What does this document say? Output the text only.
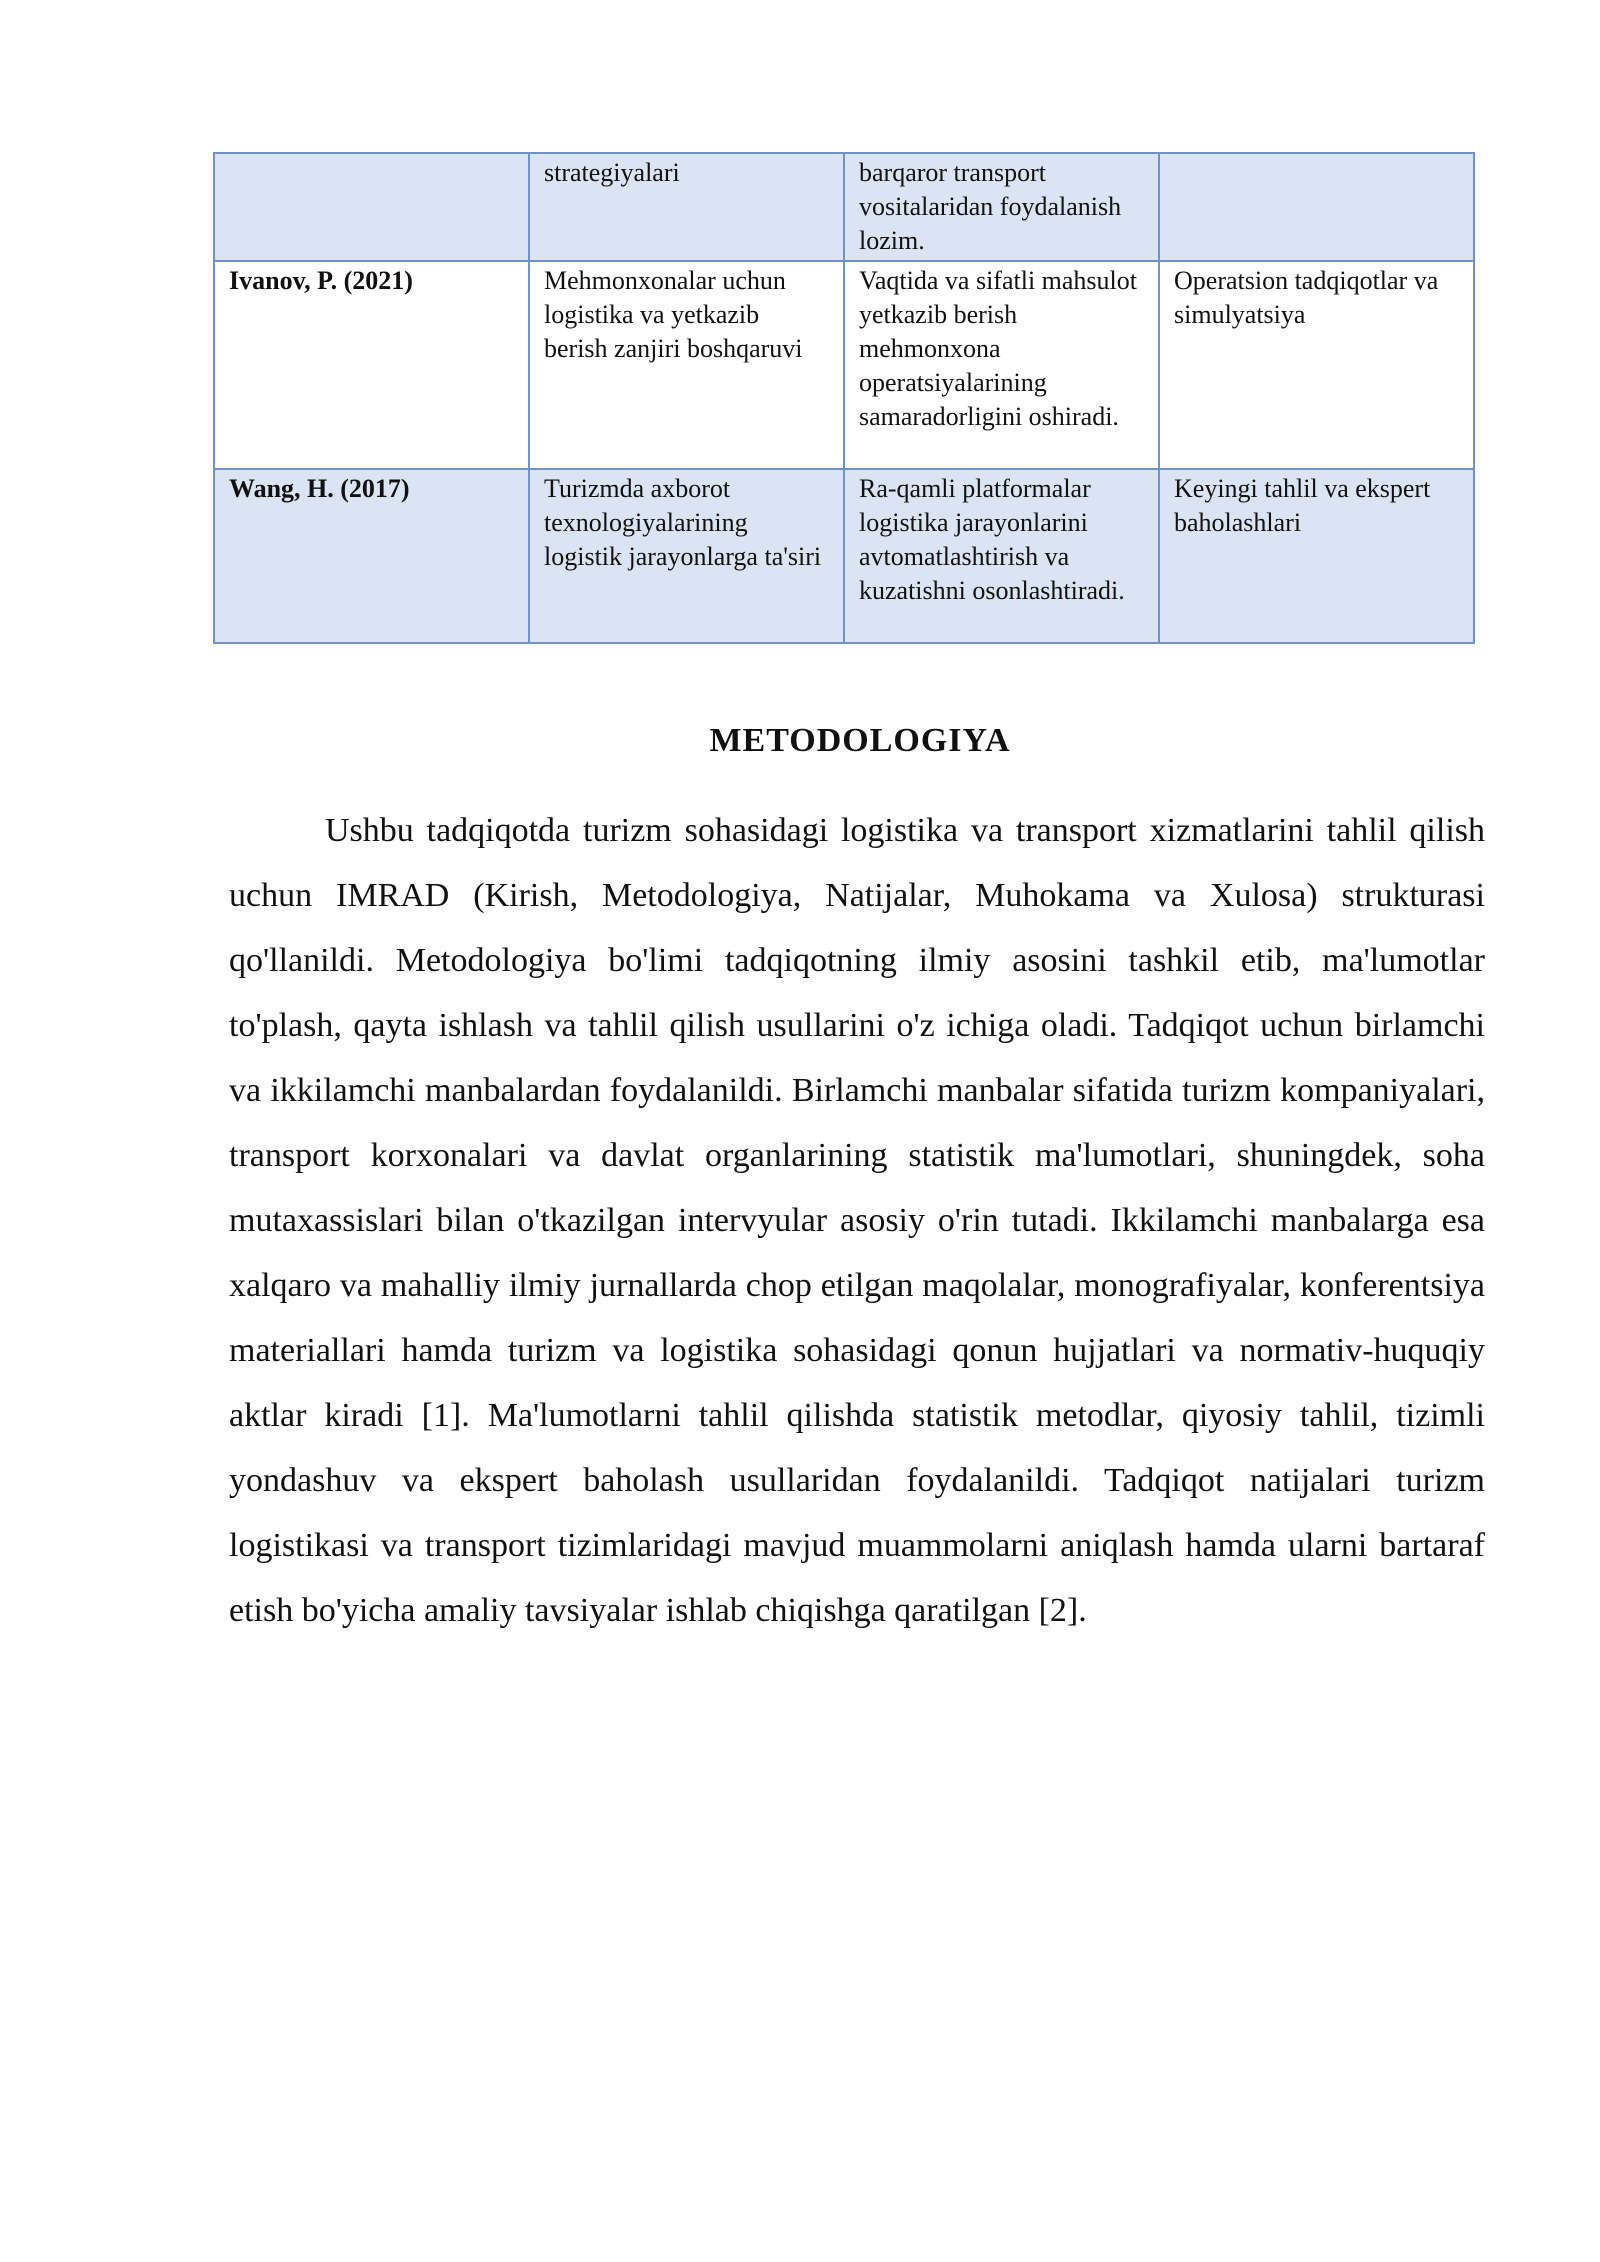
	strategiyalari	barqaror transport vositalaridan foydalanish lozim.	
Ivanov, P. (2021)	Mehmonxonalar uchun logistika va yetkazib berish zanjiri boshqaruvi	Vaqtida va sifatli mahsulot yetkazib berish mehmonxona operatsiyalarining samaradorligini oshiradi.	Operatsion tadqiqotlar va simulyatsiya
Wang, H. (2017)	Turizmda axborot texnologiyalarining logistik jarayonlarga ta'siri	Ra-qamli platformalar logistika jarayonlarini avtomatlashtirish va kuzatishni osonlashtiradi.	Keyingi tahlil va ekspert baholashlari
METODOLOGIYA

Ushbu tadqiqotda turizm sohasidagi logistika va transport xizmatlarini tahlil qilish uchun IMRAD (Kirish, Metodologiya, Natijalar, Muhokama va Xulosa) strukturasi qo'llanildi. Metodologiya bo'limi tadqiqotning ilmiy asosini tashkil etib, ma'lumotlar to'plash, qayta ishlash va tahlil qilish usullarini o'z ichiga oladi. Tadqiqot uchun birlamchi va ikkilamchi manbalardan foydalanildi. Birlamchi manbalar sifatida turizm kompaniyalari, transport korxonalari va davlat organlarining statistik ma'lumotlari, shuningdek, soha mutaxassislari bilan o'tkazilgan intervyular asosiy o'rin tutadi. Ikkilamchi manbalarga esa xalqaro va mahalliy ilmiy jurnallarda chop etilgan maqolalar, monografiyalar, konferentsiya materiallari hamda turizm va logistika sohasidagi qonun hujjatlari va normativ-huquqiy aktlar kiradi [1]. Ma'lumotlarni tahlil qilishda statistik metodlar, qiyosiy tahlil, tizimli yondashuv va ekspert baholash usullaridan foydalanildi. Tadqiqot natijalari turizm logistikasi va transport tizimlaridagi mavjud muammolarni aniqlash hamda ularni bartaraf etish bo'yicha amaliy tavsiyalar ishlab chiqishga qaratilgan [2].
